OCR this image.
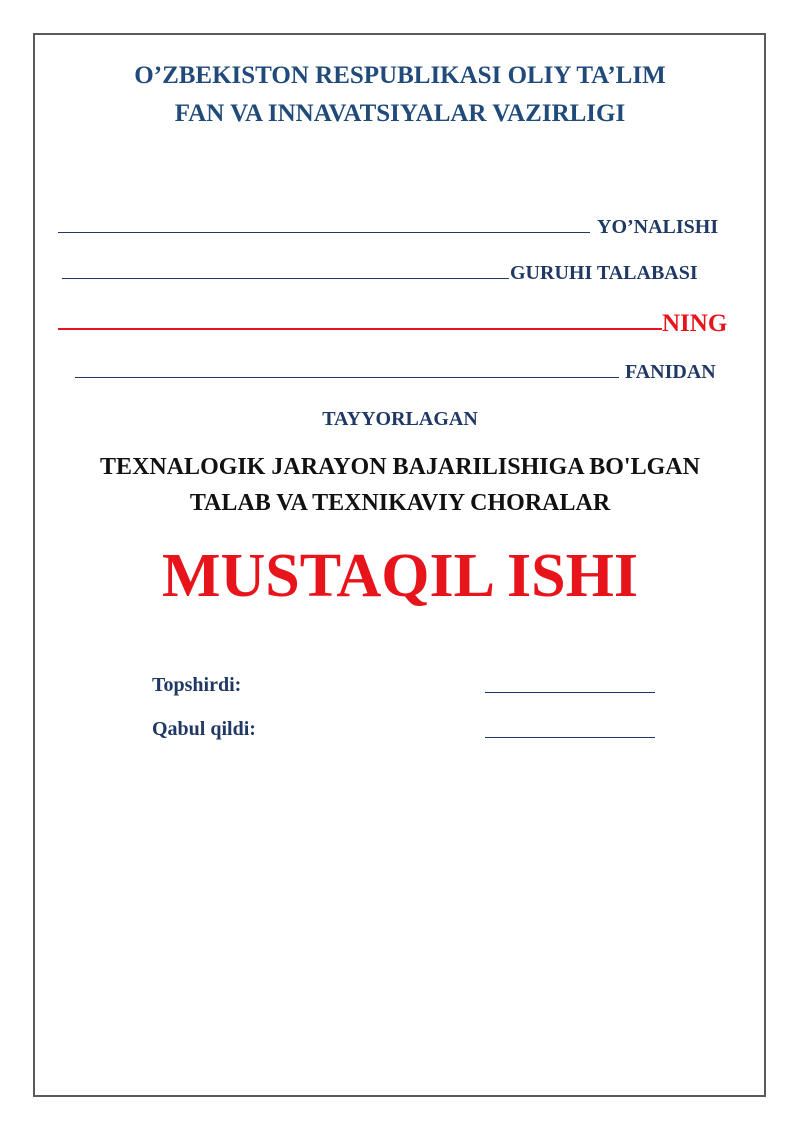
O’ZBEKISTON RESPUBLIKASI OLIY TA’LIM
FAN VA INNAVATSIYALAR VAZIRLIGI
YO’NALISHI
GURUHI TALABASI
NING
FANIDAN
TAYYORLAGAN
TEXNALOGIK JARAYON BAJARILISHIGA BO'LGAN
TALAB VA TEXNIKAVIY CHORALAR
MUSTAQIL ISHI
Topshirdi:
Qabul qildi:
